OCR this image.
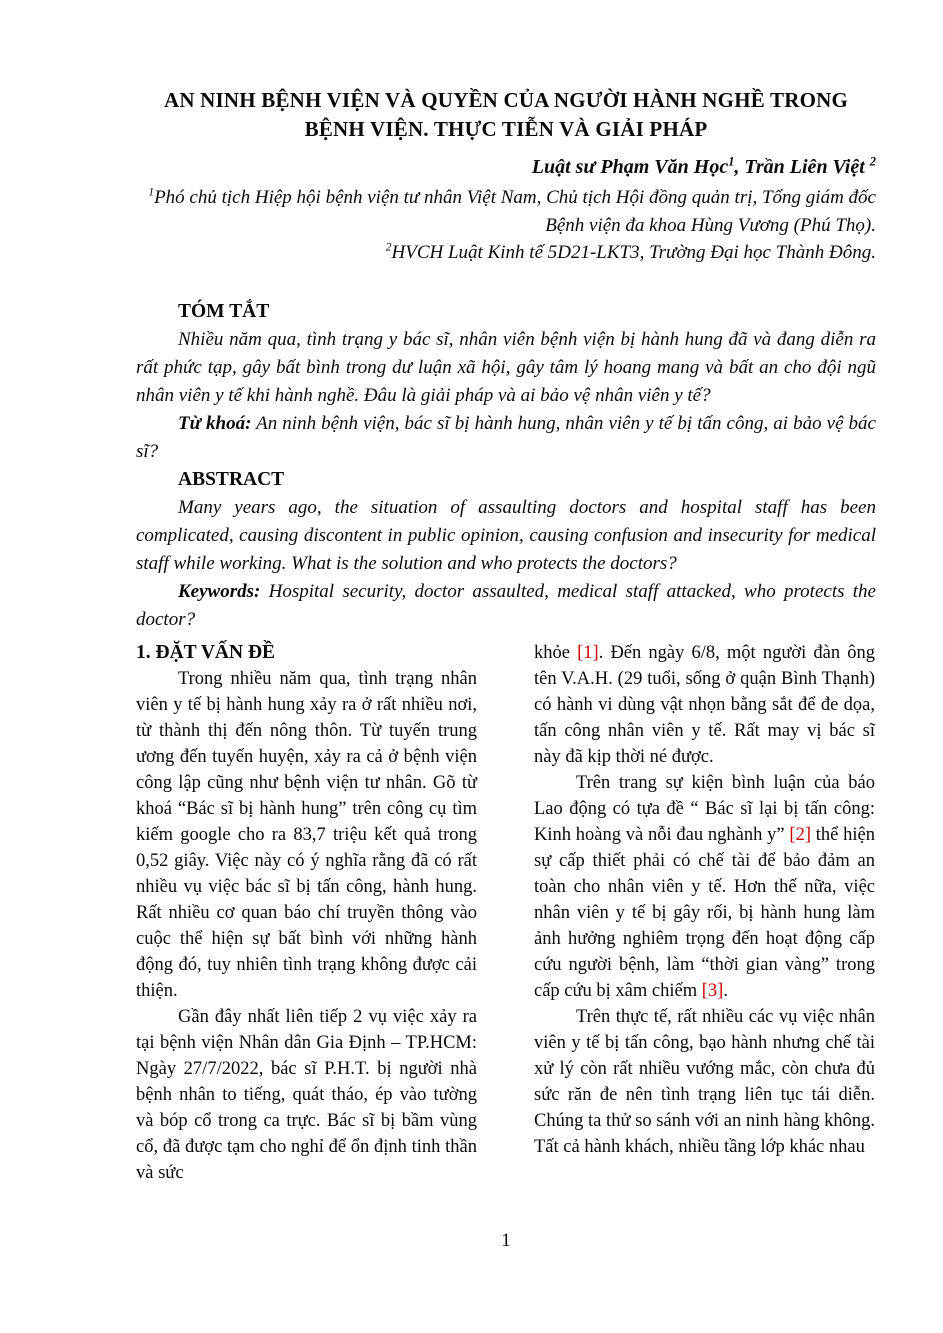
AN NINH BỆNH VIỆN VÀ QUYỀN CỦA NGƯỜI HÀNH NGHỀ TRONG BỆNH VIỆN. THỰC TIỄN VÀ GIẢI PHÁP
Luật sư Phạm Văn Học$^1$, Trần Liên Việt $^2$
$^1$Phó chủ tịch Hiệp hội bệnh viện tư nhân Việt Nam, Chủ tịch Hội đồng quản trị, Tổng giám đốc Bệnh viện đa khoa Hùng Vương (Phú Thọ).
$^2$HVCH Luật Kinh tế 5D21-LKT3, Trường Đại học Thành Đông.
TÓM TẮT

Nhiều năm qua, tình trạng y bác sĩ, nhân viên bệnh viện bị hành hung đã và đang diễn ra rất phức tạp, gây bất bình trong dư luận xã hội, gây tâm lý hoang mang và bất an cho đội ngũ nhân viên y tế khi hành nghề. Đâu là giải pháp và ai bảo vệ nhân viên y tế?

Từ khoá: An ninh bệnh viện, bác sĩ bị hành hung, nhân viên y tế bị tấn công, ai bảo vệ bác sĩ?

ABSTRACT

Many years ago, the situation of assaulting doctors and hospital staff has been complicated, causing discontent in public opinion, causing confusion and insecurity for medical staff while working. What is the solution and who protects the doctors?

Keywords: Hospital security, doctor assaulted, medical staff attacked, who protects the doctor?

1. ĐẶT VẤN ĐỀ

Trong nhiều năm qua, tình trạng nhân viên y tế bị hành hung xảy ra ở rất nhiều nơi, từ thành thị đến nông thôn. Từ tuyến trung ương đến tuyến huyện, xảy ra cả ở bệnh viện công lập cũng như bệnh viện tư nhân. Gõ từ khoá “Bác sĩ bị hành hung” trên công cụ tìm kiếm google cho ra 83,7 triệu kết quả trong 0,52 giây. Việc này có ý nghĩa rằng đã có rất nhiều vụ việc bác sĩ bị tấn công, hành hung. Rất nhiều cơ quan báo chí truyền thông vào cuộc thể hiện sự bất bình với những hành động đó, tuy nhiên tình trạng không được cải thiện.

Gần đây nhất liên tiếp 2 vụ việc xảy ra tại bệnh viện Nhân dân Gia Định – TP.HCM: Ngày 27/7/2022, bác sĩ P.H.T. bị người nhà bệnh nhân to tiếng, quát tháo, ép vào tường và bóp cổ trong ca trực. Bác sĩ bị bầm vùng cổ, đã được tạm cho nghỉ để ổn định tinh thần và sức

khỏe [1]. Đến ngày 6/8, một người đàn ông tên V.A.H. (29 tuổi, sống ở quận Bình Thạnh) có hành vi dùng vật nhọn bằng sắt để đe dọa, tấn công nhân viên y tế. Rất may vị bác sĩ này đã kịp thời né được.

Trên trang sự kiện bình luận của báo Lao động có tựa đề “ Bác sĩ lại bị tấn công: Kinh hoàng và nỗi đau nghành y” [2] thể hiện sự cấp thiết phải có chế tài để bảo đảm an toàn cho nhân viên y tế. Hơn thế nữa, việc nhân viên y tế bị gây rối, bị hành hung làm ảnh hưởng nghiêm trọng đến hoạt động cấp cứu người bệnh, làm “thời gian vàng” trong cấp cứu bị xâm chiếm [3].

Trên thực tế, rất nhiều các vụ việc nhân viên y tế bị tấn công, bạo hành nhưng chế tài xử lý còn rất nhiều vướng mắc, còn chưa đủ sức răn đe nên tình trạng liên tục tái diễn. Chúng ta thử so sánh với an ninh hàng không. Tất cả hành khách, nhiều tầng lớp khác nhau

1
